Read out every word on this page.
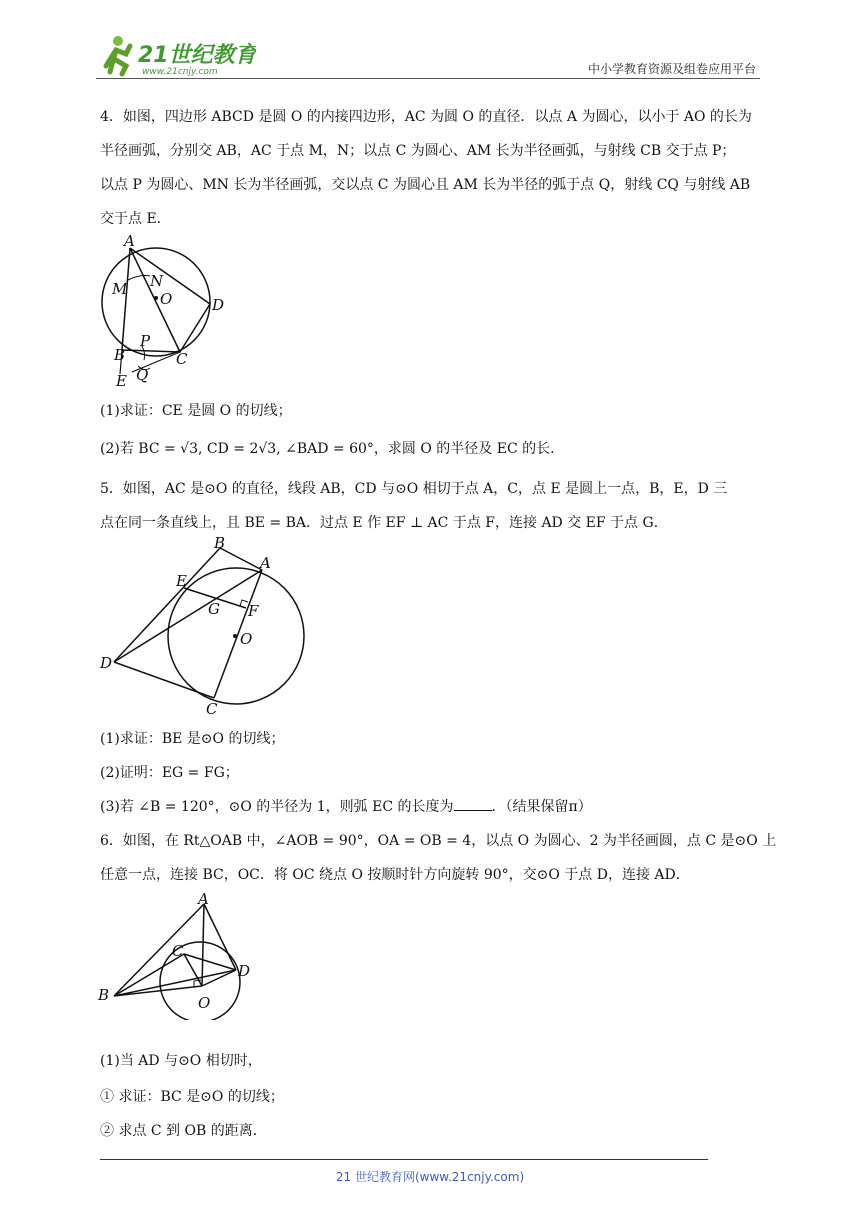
21世纪教育
www.21cnjy.com	中小学教育资源及组卷应用平台
4．如图，四边形 ABCD 是圆 O 的内接四边形，AC 为圆 O 的直径．以点 A 为圆心，以小于 AO 的长为
半径画弧，分别交 AB，AC 于点 M，N；以点 C 为圆心、AM 长为半径画弧，与射线 CB 交于点 P；
以点 P 为圆心、MN 长为半径画弧，交以点 C 为圆心且 AM 长为半径的弧于点 Q，射线 CQ 与射线 AB
交于点 E．
A
M N
O	D
B
P
C
E Q
(1)求证：CE 是圆 O 的切线；
(2)若 BC = √3, CD = 2√3, ∠BAD = 60°，求圆 O 的半径及 EC 的长.
5．如图，AC 是⊙O 的直径，线段 AB，CD 与⊙O 相切于点 A，C，点 E 是圆上一点，B，E，D 三
点在同一条直线上，且 BE = BA．过点 E 作 EF ⊥ AC 于点 F，连接 AD 交 EF 于点 G．
B
A
E
G F
O
D
C
(1)求证：BE 是⊙O 的切线；
(2)证明：EG = FG；
(3)若 ∠B = 120°，⊙O 的半径为 1，则弧 EC 的长度为	．（结果保留π）
6．如图，在 Rt△OAB 中，∠AOB = 90°，OA = OB = 4，以点 O 为圆心、2 为半径画圆，点 C 是⊙O 上
任意一点，连接 BC，OC．将 OC 绕点 O 按顺时针方向旋转 90°，交⊙O 于点 D，连接 AD．
A
C
D
B	O
(1)当 AD 与⊙O 相切时，
① 求证：BC 是⊙O 的切线；
② 求点 C 到 OB 的距离.
21 世纪教育网(www.21cnjy.com)
